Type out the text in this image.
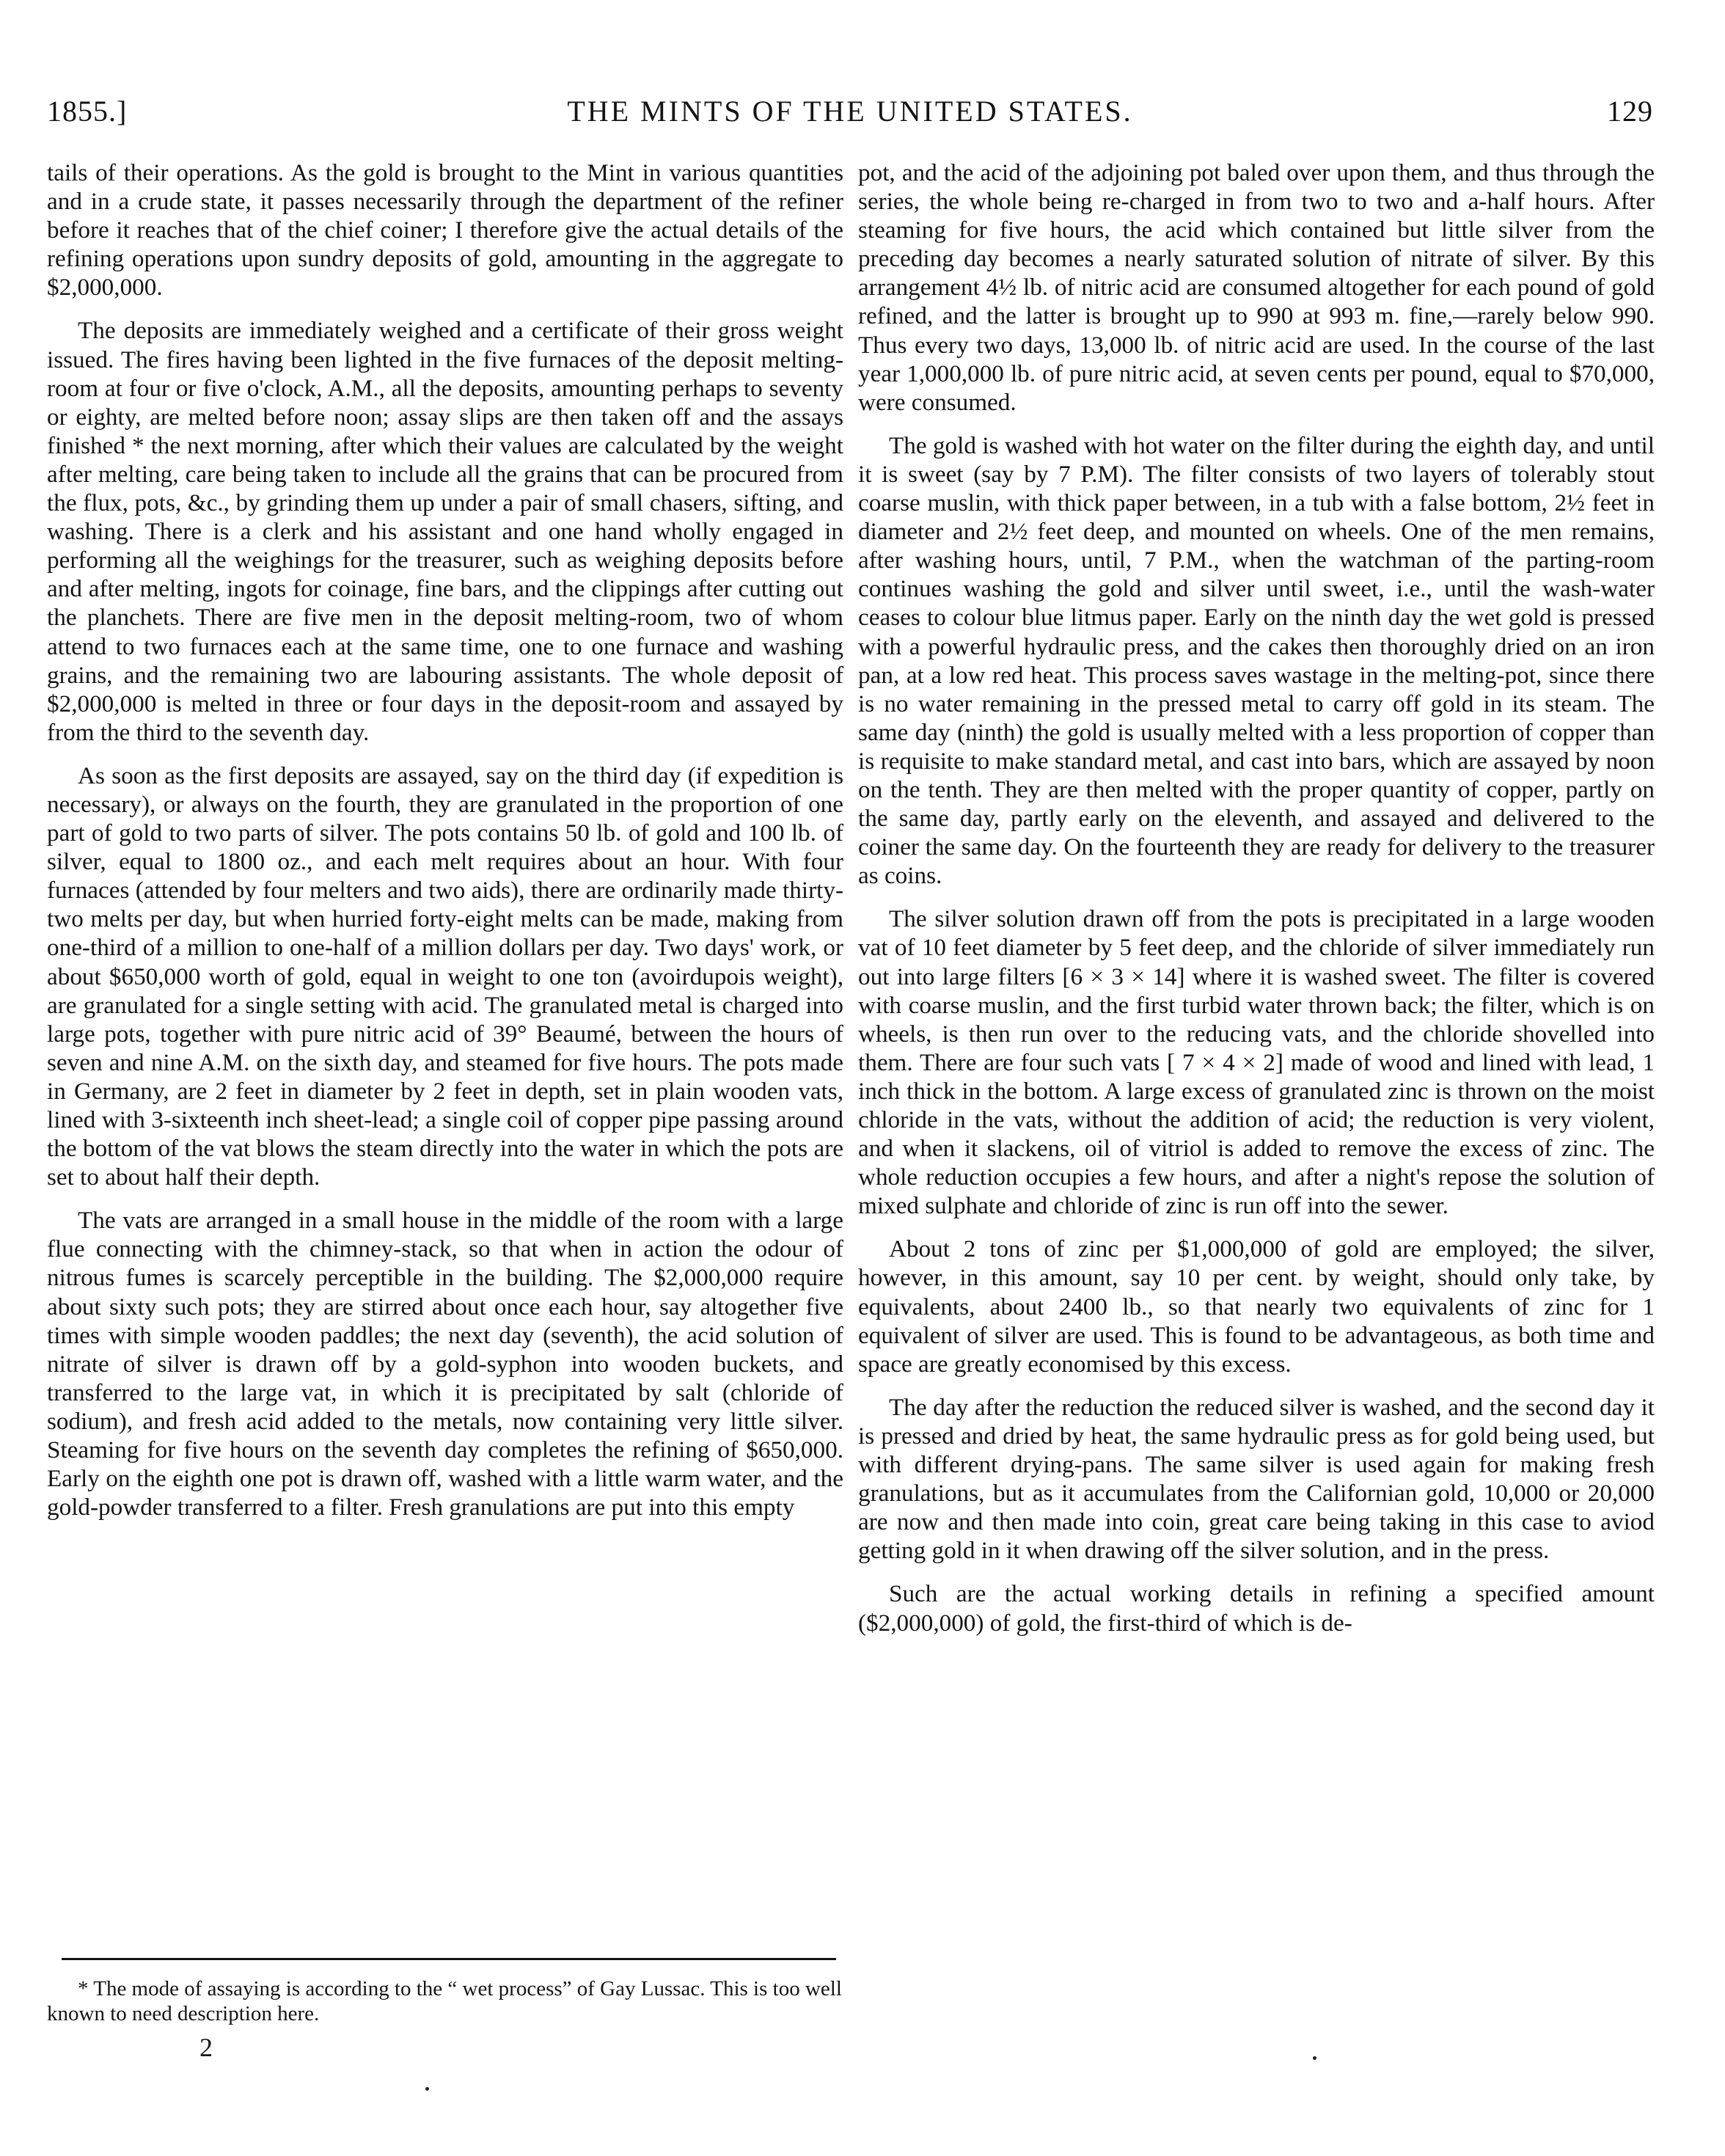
1855.]	THE MINTS OF THE UNITED STATES.	129

tails of their operations. As the gold is brought to the Mint in various quantities and in a crude state, it passes necessarily through the department of the refiner before it reaches that of the chief coiner; I therefore give the actual details of the refining operations upon sundry deposits of gold, amounting in the aggregate to $2,000,000.

The deposits are immediately weighed and a certificate of their gross weight issued. The fires having been lighted in the five furnaces of the deposit melting-room at four or five o'clock, A.M., all the deposits, amounting perhaps to seventy or eighty, are melted before noon; assay slips are then taken off and the assays finished * the next morning, after which their values are calculated by the weight after melting, care being taken to include all the grains that can be procured from the flux, pots, &c., by grinding them up under a pair of small chasers, sifting, and washing. There is a clerk and his assistant and one hand wholly engaged in performing all the weighings for the treasurer, such as weighing deposits before and after melting, ingots for coinage, fine bars, and the clippings after cutting out the planchets. There are five men in the deposit melting-room, two of whom attend to two furnaces each at the same time, one to one furnace and washing grains, and the remaining two are labouring assistants. The whole deposit of $2,000,000 is melted in three or four days in the deposit-room and assayed by from the third to the seventh day.

As soon as the first deposits are assayed, say on the third day (if expedition is necessary), or always on the fourth, they are granulated in the proportion of one part of gold to two parts of silver. The pots contains 50 lb. of gold and 100 lb. of silver, equal to 1800 oz., and each melt requires about an hour. With four furnaces (attended by four melters and two aids), there are ordinarily made thirty-two melts per day, but when hurried forty-eight melts can be made, making from one-third of a million to one-half of a million dollars per day. Two days' work, or about $650,000 worth of gold, equal in weight to one ton (avoirdupois weight), are granulated for a single setting with acid. The granulated metal is charged into large pots, together with pure nitric acid of 39° Beaumé, between the hours of seven and nine A.M. on the sixth day, and steamed for five hours. The pots made in Germany, are 2 feet in diameter by 2 feet in depth, set in plain wooden vats, lined with 3-sixteenth inch sheet-lead; a single coil of copper pipe passing around the bottom of the vat blows the steam directly into the water in which the pots are set to about half their depth.

The vats are arranged in a small house in the middle of the room with a large flue connecting with the chimney-stack, so that when in action the odour of nitrous fumes is scarcely perceptible in the building. The $2,000,000 require about sixty such pots; they are stirred about once each hour, say altogether five times with simple wooden paddles; the next day (seventh), the acid solution of nitrate of silver is drawn off by a gold-syphon into wooden buckets, and transferred to the large vat, in which it is precipitated by salt (chloride of sodium), and fresh acid added to the metals, now containing very little silver. Steaming for five hours on the seventh day completes the refining of $650,000. Early on the eighth one pot is drawn off, washed with a little warm water, and the gold-powder transferred to a filter. Fresh granulations are put into this empty

pot, and the acid of the adjoining pot baled over upon them, and thus through the series, the whole being re-charged in from two to two and a-half hours. After steaming for five hours, the acid which contained but little silver from the preceding day becomes a nearly saturated solution of nitrate of silver. By this arrangement 4½ lb. of nitric acid are consumed altogether for each pound of gold refined, and the latter is brought up to 990 at 993 m. fine,—rarely below 990. Thus every two days, 13,000 lb. of nitric acid are used. In the course of the last year 1,000,000 lb. of pure nitric acid, at seven cents per pound, equal to $70,000, were consumed.

The gold is washed with hot water on the filter during the eighth day, and until it is sweet (say by 7 P.M). The filter consists of two layers of tolerably stout coarse muslin, with thick paper between, in a tub with a false bottom, 2½ feet in diameter and 2½ feet deep, and mounted on wheels. One of the men remains, after washing hours, until, 7 P.M., when the watchman of the parting-room continues washing the gold and silver until sweet, i.e., until the wash-water ceases to colour blue litmus paper. Early on the ninth day the wet gold is pressed with a powerful hydraulic press, and the cakes then thoroughly dried on an iron pan, at a low red heat. This process saves wastage in the melting-pot, since there is no water remaining in the pressed metal to carry off gold in its steam. The same day (ninth) the gold is usually melted with a less proportion of copper than is requisite to make standard metal, and cast into bars, which are assayed by noon on the tenth. They are then melted with the proper quantity of copper, partly on the same day, partly early on the eleventh, and assayed and delivered to the coiner the same day. On the fourteenth they are ready for delivery to the treasurer as coins.

The silver solution drawn off from the pots is precipitated in a large wooden vat of 10 feet diameter by 5 feet deep, and the chloride of silver immediately run out into large filters [6 × 3 × 14] where it is washed sweet. The filter is covered with coarse muslin, and the first turbid water thrown back; the filter, which is on wheels, is then run over to the reducing vats, and the chloride shovelled into them. There are four such vats [ 7 × 4 × 2] made of wood and lined with lead, 1 inch thick in the bottom. A large excess of granulated zinc is thrown on the moist chloride in the vats, without the addition of acid; the reduction is very violent, and when it slackens, oil of vitriol is added to remove the excess of zinc. The whole reduction occupies a few hours, and after a night's repose the solution of mixed sulphate and chloride of zinc is run off into the sewer.

About 2 tons of zinc per $1,000,000 of gold are employed; the silver, however, in this amount, say 10 per cent. by weight, should only take, by equivalents, about 2400 lb., so that nearly two equivalents of zinc for 1 equivalent of silver are used. This is found to be advantageous, as both time and space are greatly economised by this excess.

The day after the reduction the reduced silver is washed, and the second day it is pressed and dried by heat, the same hydraulic press as for gold being used, but with different drying-pans. The same silver is used again for making fresh granulations, but as it accumulates from the Californian gold, 10,000 or 20,000 are now and then made into coin, great care being taking in this case to aviod getting gold in it when drawing off the silver solution, and in the press.

Such are the actual working details in refining a specified amount ($2,000,000) of gold, the first-third of which is de-

* The mode of assaying is according to the “ wet process” of Gay Lussac. This is too well known to need description here.

2
